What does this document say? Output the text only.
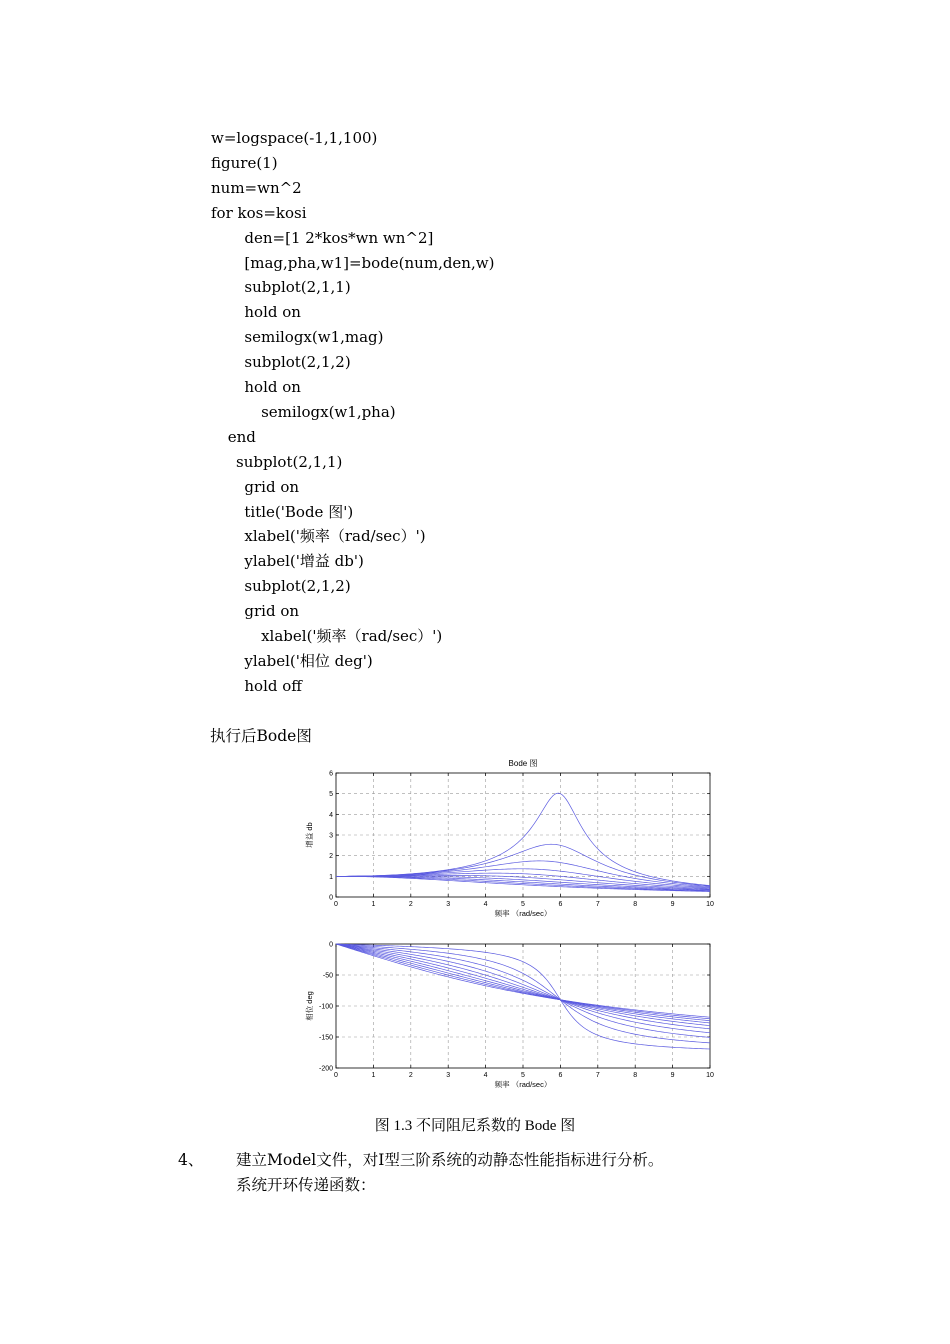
w=logspace(-1,1,100)
figure(1)
num=wn^2
for kos=kosi
den=[1 2*kos*wn wn^2]
[mag,pha,w1]=bode(num,den,w)
subplot(2,1,1)
hold on
semilogx(w1,mag)
subplot(2,1,2)
hold on
semilogx(w1,pha)
end
subplot(2,1,1)
grid on
title('Bode 图')
xlabel('频率（rad/sec）')
ylabel('增益 db')
subplot(2,1,2)
grid on
xlabel('频率（rad/sec）')
ylabel('相位 deg')
hold off
执行后Bode图
0	1	2	3	4	5	6	7	8	9	10
0
1
2
3
4
5
6
Bode 图
频率 （rad/sec）
增益 db
0	1	2	3	4	5	6	7	8	9	10
0
-50
-100
-150
-200
频率 （rad/sec）
相位 deg
图 1.3 不同阻尼系数的 Bode 图
4、 建立Model文件，对Ⅰ型三阶系统的动静态性能指标进行分析。
系统开环传递函数：
